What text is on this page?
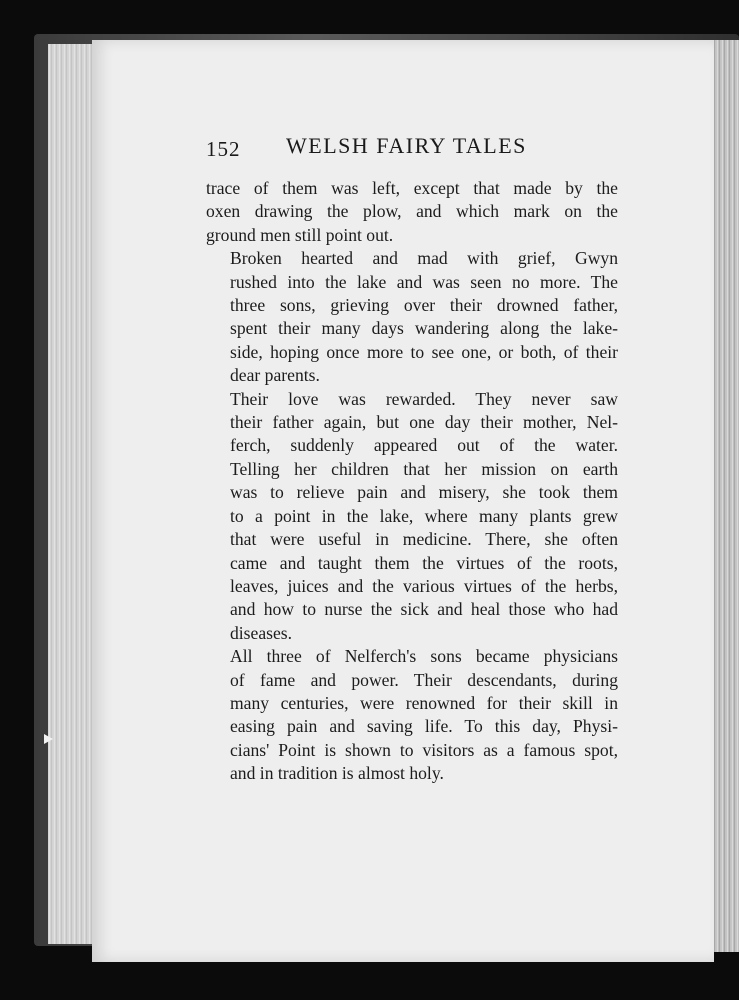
152 WELSH FAIRY TALES

trace of them was left, except that made by the
oxen drawing the plow, and which mark on the
ground men still point out.

Broken hearted and mad with grief, Gwyn
rushed into the lake and was seen no more. The
three sons, grieving over their drowned father,
spent their many days wandering along the lake-
side, hoping once more to see one, or both, of their
dear parents.

Their love was rewarded. They never saw
their father again, but one day their mother, Nel-
ferch, suddenly appeared out of the water.
Telling her children that her mission on earth
was to relieve pain and misery, she took them
to a point in the lake, where many plants grew
that were useful in medicine. There, she often
came and taught them the virtues of the roots,
leaves, juices and the various virtues of the herbs,
and how to nurse the sick and heal those who had
diseases.

All three of Nelferch's sons became physicians
of fame and power. Their descendants, during
many centuries, were renowned for their skill in
easing pain and saving life. To this day, Physi-
cians' Point is shown to visitors as a famous spot,
and in tradition is almost holy.
